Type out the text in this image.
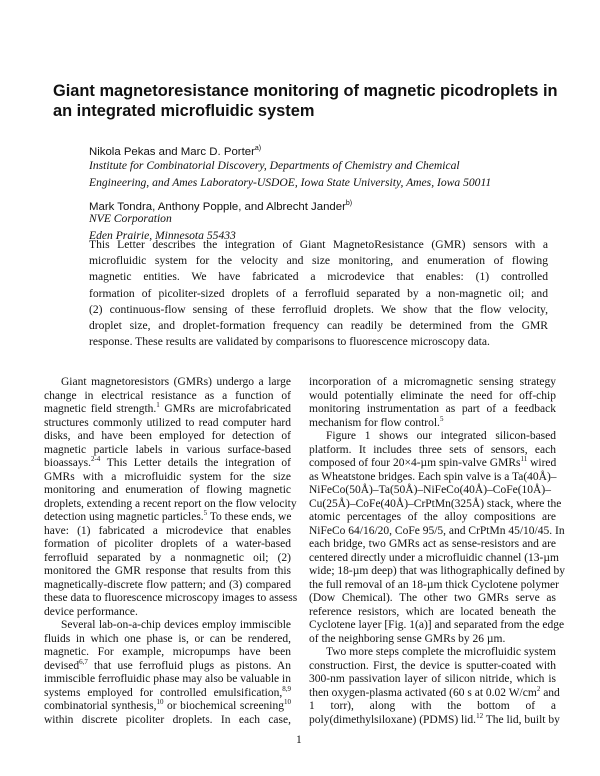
Giant magnetoresistance monitoring of magnetic picodroplets in
an integrated microfluidic system
Nikola Pekas and Marc D. Porter$^{a)}$
Institute for Combinatorial Discovery, Departments of Chemistry and Chemical
Engineering, and Ames Laboratory-USDOE, Iowa State University, Ames, Iowa 50011
Mark Tondra, Anthony Popple, and Albrecht Jander$^{b)}$
NVE Corporation
Eden Prairie, Minnesota 55433
This Letter describes the integration of Giant MagnetoResistance (GMR) sensors with a
microfluidic system for the velocity and size monitoring, and enumeration of flowing
magnetic entities. We have fabricated a microdevice that enables: (1) controlled
formation of picoliter-sized droplets of a ferrofluid separated by a non-magnetic oil; and
(2) continuous-flow sensing of these ferrofluid droplets. We show that the flow velocity,
droplet size, and droplet-formation frequency can readily be determined from the GMR
response. These results are validated by comparisons to fluorescence microscopy data.
Giant magnetoresistors (GMRs) undergo a large
change in electrical resistance as a function of
magnetic field strength.$^1$ GMRs are microfabricated
structures commonly utilized to read computer hard
disks, and have been employed for detection of
magnetic particle labels in various surface-based
bioassays.$^{2-4}$ This Letter details the integration of
GMRs with a microfluidic system for the size
monitoring and enumeration of flowing magnetic
droplets, extending a recent report on the flow velocity
detection using magnetic particles.$^5$ To these ends, we
have: (1) fabricated a microdevice that enables
formation of picoliter droplets of a water-based
ferrofluid separated by a nonmagnetic oil; (2)
monitored the GMR response that results from this
magnetically-discrete flow pattern; and (3) compared
these data to fluorescence microscopy images to assess
device performance.
Several lab-on-a-chip devices employ immiscible
fluids in which one phase is, or can be rendered,
magnetic. For example, micropumps have been
devised$^{6,7}$ that use ferrofluid plugs as pistons. An
immiscible ferrofluidic phase may also be valuable in
systems employed for controlled emulsification,$^{8,9}$
combinatorial synthesis,$^{10}$ or biochemical screening$^{10}$
within discrete picoliter droplets. In each case,
incorporation of a micromagnetic sensing strategy
would potentially eliminate the need for off-chip
monitoring instrumentation as part of a feedback
mechanism for flow control.$^5$
Figure 1 shows our integrated silicon-based
platform. It includes three sets of sensors, each
composed of four 20×4-µm spin-valve GMRs$^{11}$ wired
as Wheatstone bridges. Each spin valve is a Ta(40Å)–
NiFeCo(50Å)–Ta(50Å)–NiFeCo(40Å)–CoFe(10Å)–
Cu(25Å)–CoFe(40Å)–CrPtMn(325Å) stack, where the
atomic percentages of the alloy compositions are
NiFeCo 64/16/20, CoFe 95/5, and CrPtMn 45/10/45. In
each bridge, two GMRs act as sense-resistors and are
centered directly under a microfluidic channel (13-µm
wide; 18-µm deep) that was lithographically defined by
the full removal of an 18-µm thick Cyclotene polymer
(Dow Chemical). The other two GMRs serve as
reference resistors, which are located beneath the
Cyclotene layer [Fig. 1(a)] and separated from the edge
of the neighboring sense GMRs by 26 µm.
Two more steps complete the microfluidic system
construction. First, the device is sputter-coated with
300-nm passivation layer of silicon nitride, which is
then oxygen-plasma activated (60 s at 0.02 $W/cm^2$ and
1 torr), along with the bottom of a
poly(dimethylsiloxane) (PDMS) lid.$^{12}$ The lid, built by
1
